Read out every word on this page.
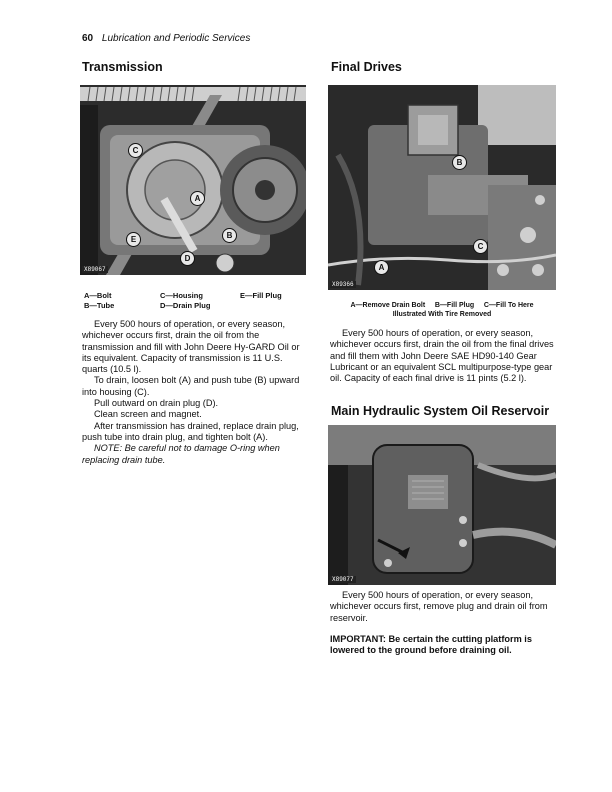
60 Lubrication and Periodic Services
Transmission
X89067
C
A
B
E
D
A—Bolt
B—Tube
C—Housing
D—Drain Plug
E—Fill Plug

Every 500 hours of operation, or every season, whichever occurs first, drain the oil from the transmission and fill with John Deere Hy-GARD Oil or its equivalent. Capacity of transmission is 11 U.S. quarts (10.5 l).

To drain, loosen bolt (A) and push tube (B) upward into housing (C).

Pull outward on drain plug (D).

Clean screen and magnet.

After transmission has drained, replace drain plug, push tube into drain plug, and tighten bolt (A).

NOTE: Be careful not to damage O-ring when replacing drain tube.

Final Drives
X89366
B
C
A
A—Remove Drain Bolt     B—Fill Plug     C—Fill To Here
Illustrated With Tire Removed

Every 500 hours of operation, or every season, whichever occurs first, drain the oil from the final drives and fill them with John Deere SAE HD90-140 Gear Lubricant or an equivalent SCL multipurpose-type gear oil. Capacity of each final drive is 11 pints (5.2 l).

Main Hydraulic System Oil Reservoir
X89077

Every 500 hours of operation, or every season, whichever occurs first, remove plug and drain oil from reservoir.

IMPORTANT: Be certain the cutting platform is lowered to the ground before draining oil.
